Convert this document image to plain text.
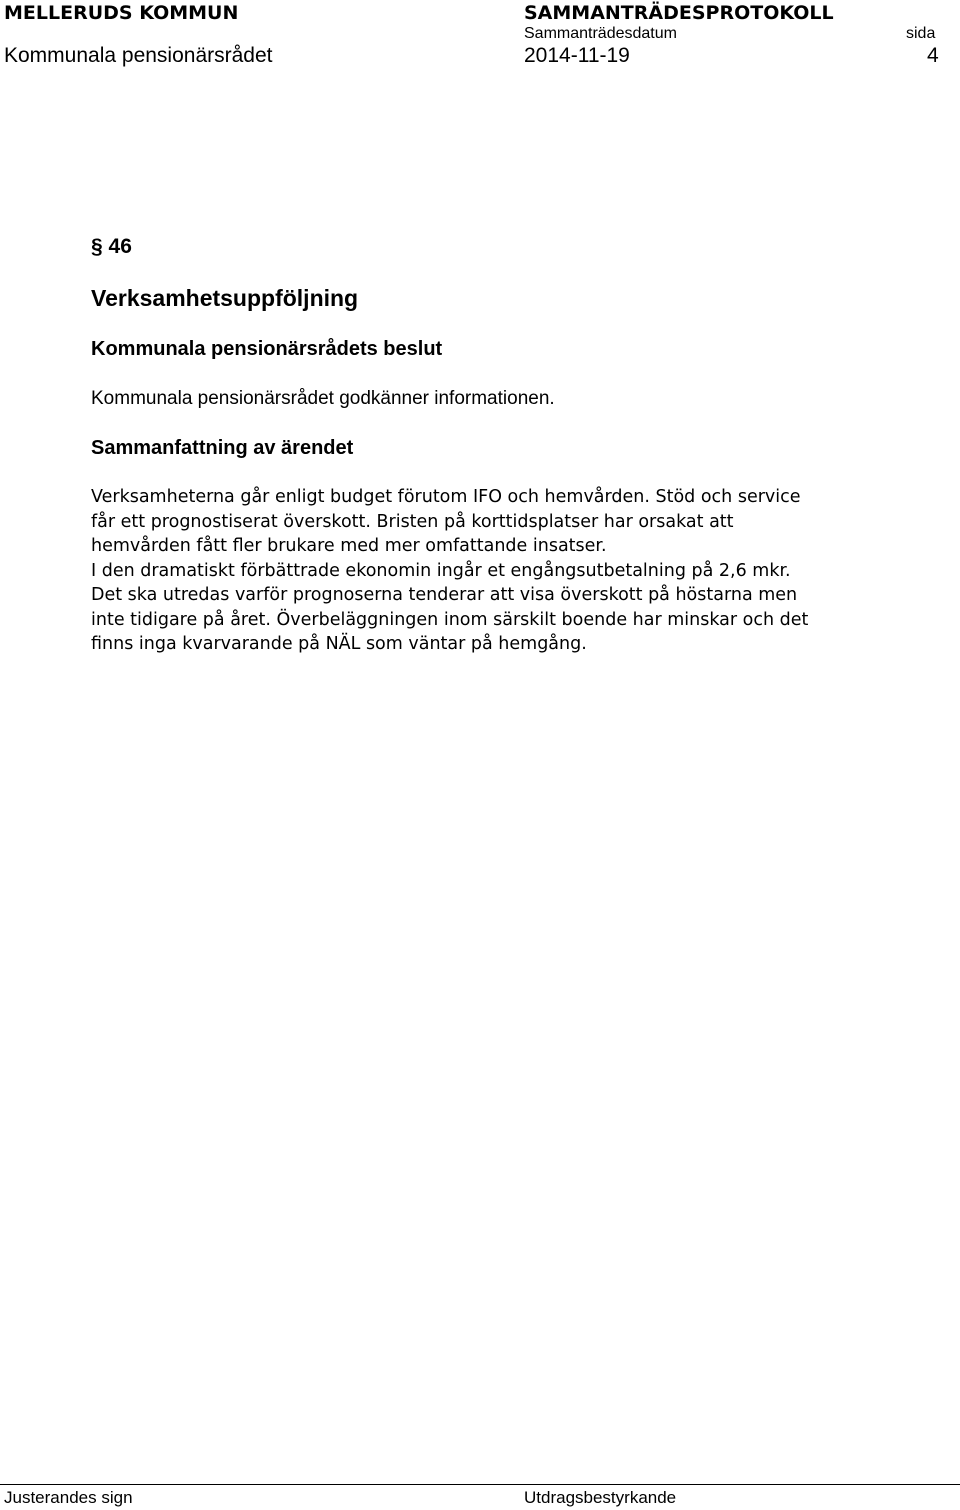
MELLERUDS KOMMUN
Kommunala pensionärsrådet
SAMMANTRÄDESPROTOKOLL
Sammanträdesdatum
2014-11-19
sida
4
§ 46
Verksamhetsuppföljning
Kommunala pensionärsrådets beslut
Kommunala pensionärsrådet godkänner informationen.
Sammanfattning av ärendet

Verksamheterna går enligt budget förutom IFO och hemvården. Stöd och service

får ett prognostiserat överskott. Bristen på korttidsplatser har orsakat att

hemvården fått fler brukare med mer omfattande insatser.

I den dramatiskt förbättrade ekonomin ingår et engångsutbetalning på 2,6 mkr.

Det ska utredas varför prognoserna tenderar att visa överskott på höstarna men

inte tidigare på året. Överbeläggningen inom särskilt boende har minskar och det

finns inga kvarvarande på NÄL som väntar på hemgång.

Justerandes sign	Utdragsbestyrkande
